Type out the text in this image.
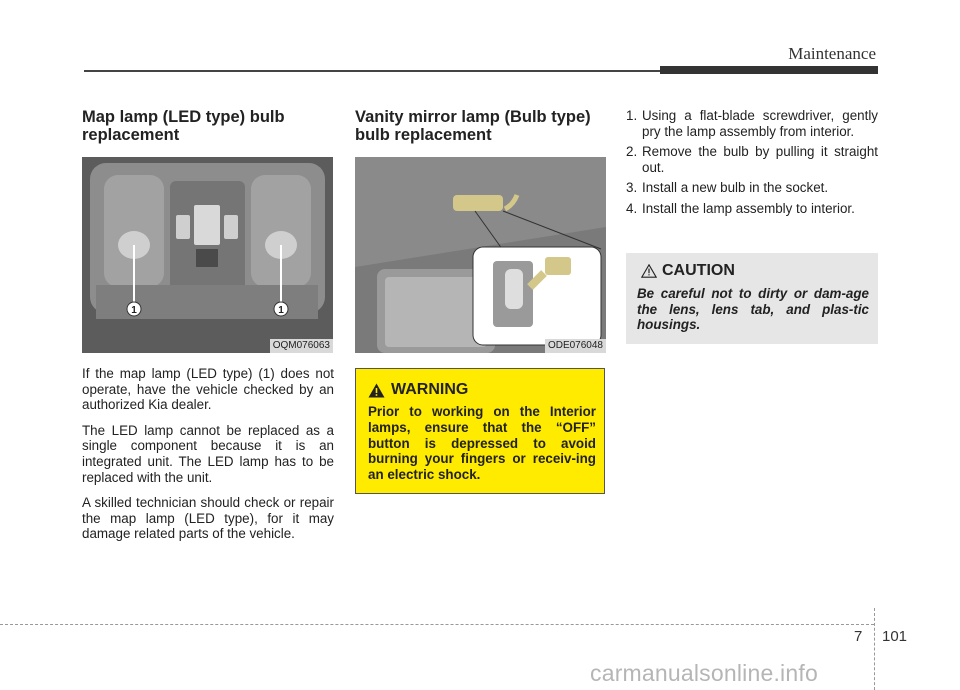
Maintenance
Map lamp (LED type) bulb replacement
1	1
OQM076063

If the map lamp (LED type) (1) does not operate, have the vehicle checked by an authorized Kia dealer.

The LED lamp cannot be replaced as a single component because it is an integrated unit. The LED lamp has to be replaced with the unit.

A skilled technician should check or repair the map lamp (LED type), for it may damage related parts of the vehicle.

Vanity mirror lamp (Bulb type) bulb replacement
ODE076048
WARNING
Prior to working on the Interior lamps, ensure that the “OFF” button is depressed to avoid burning your fingers or receiv-ing an electric shock.
1. Using a flat-blade screwdriver, gently pry the lamp assembly from interior.
2. Remove the bulb by pulling it straight out.
3. Install a new bulb in the socket.
4. Install the lamp assembly to interior.
CAUTION
Be careful not to dirty or dam-age the lens, lens tab, and plas-tic housings.
7 101
carmanualsonline.info
